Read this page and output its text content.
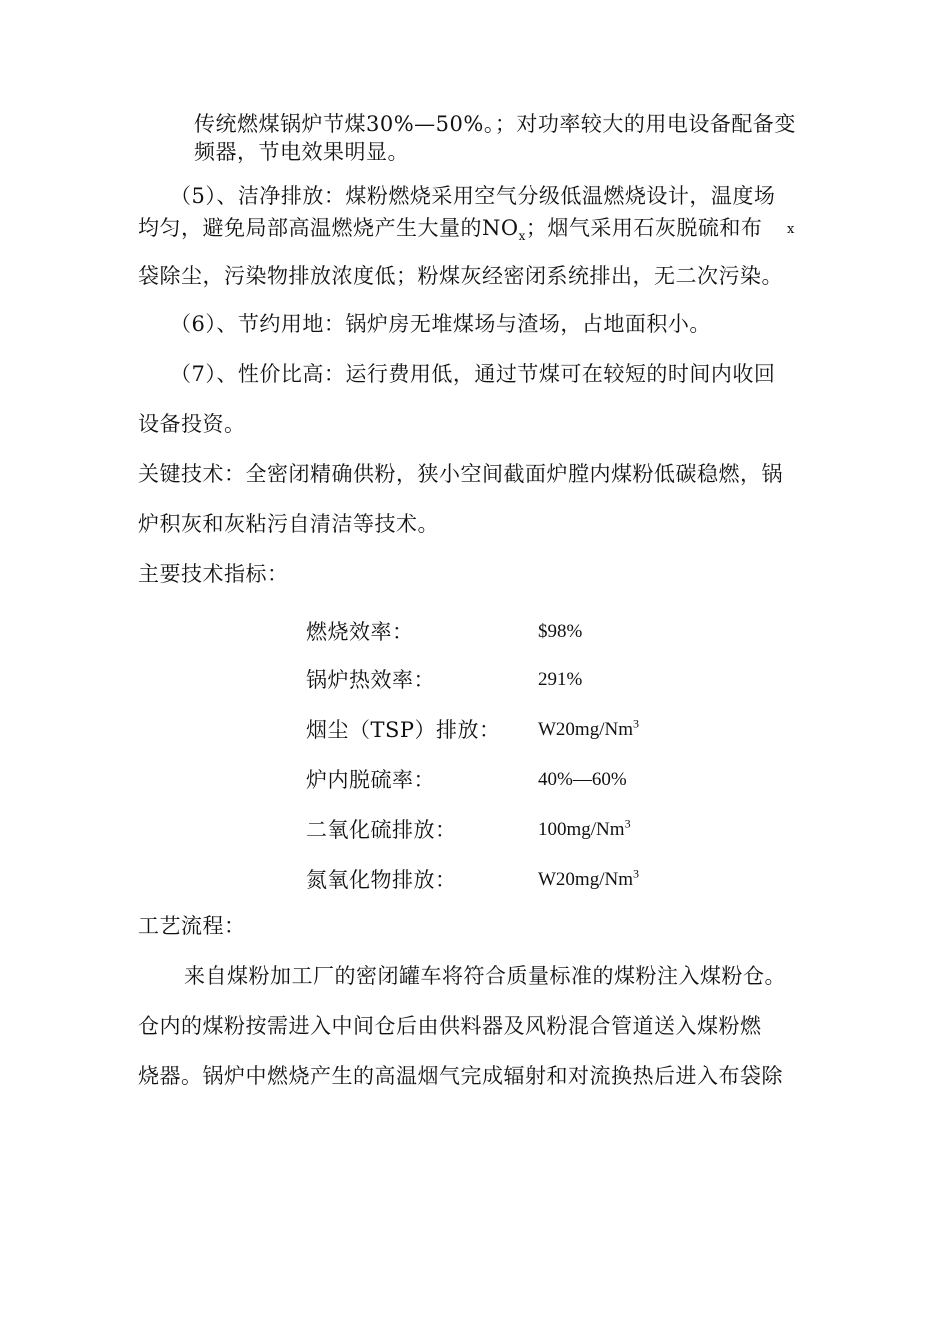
传统燃煤锅炉节煤30%—50%。；对功率较大的用电设备配备变
频器，节电效果明显。
（5）、洁净排放：煤粉燃烧采用空气分级低温燃烧设计，温度场
均匀，避免局部高温燃烧产生大量的$NO_x$；烟气采用石灰脱硫和布 x
袋除尘，污染物排放浓度低；粉煤灰经密闭系统排出，无二次污染。
（6）、节约用地：锅炉房无堆煤场与渣场，占地面积小。
（7）、性价比高：运行费用低，通过节煤可在较短的时间内收回
设备投资。
关键技术：全密闭精确供粉，狭小空间截面炉膛内煤粉低碳稳燃，锅
炉积灰和灰粘污自清洁等技术。
主要技术指标：
燃烧效率：	$98%
锅炉热效率：	291%
烟尘（TSP）排放： W20mg/Nm$^3$
炉内脱硫率：	40%—60%
二氧化硫排放：	100mg/Nm$^3$
氮氧化物排放：	W20mg/Nm$^3$
工艺流程：
来自煤粉加工厂的密闭罐车将符合质量标准的煤粉注入煤粉仓。
仓内的煤粉按需进入中间仓后由供料器及风粉混合管道送入煤粉燃
烧器。锅炉中燃烧产生的高温烟气完成辐射和对流换热后进入布袋除
